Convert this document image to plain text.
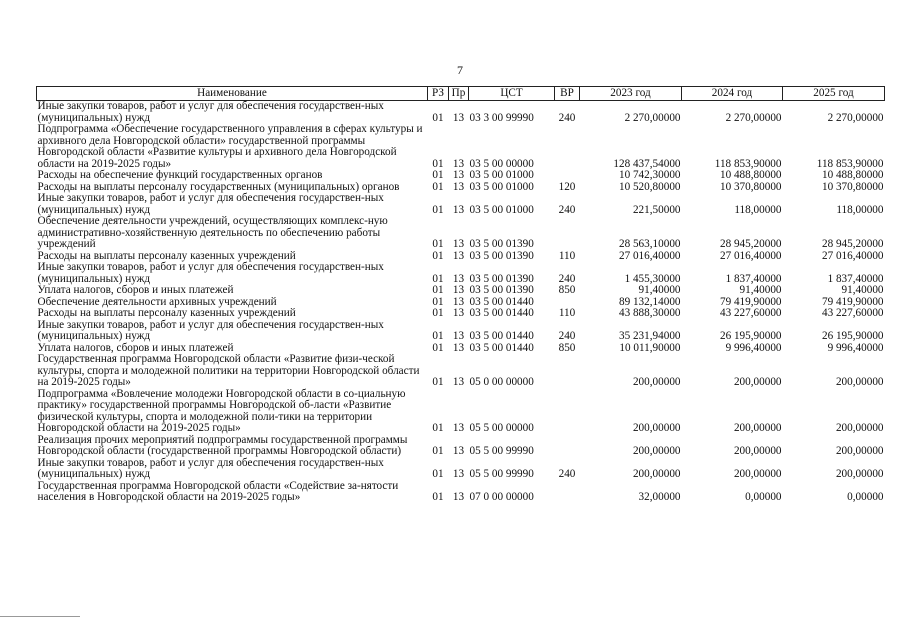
7
Наименование	РЗ	Пр	ЦСТ	ВР	2023 год	2024 год	2025 год
Иные закупки товаров, работ и услуг для обеспечения государствен-ных (муниципальных) нужд	01	13	03 3 00 99990	240	2 270,00000	2 270,00000	2 270,00000
Подпрограмма «Обеспечение государственного управления в сферах культуры и архивного дела Новгородской области» государственной программы Новгородской области «Развитие культуры и архивного дела Новгородской области на 2019-2025 годы»	01	13	03 5 00 00000		128 437,54000	118 853,90000	118 853,90000
Расходы на обеспечение функций государственных органов	01	13	03 5 00 01000		10 742,30000	10 488,80000	10 488,80000
Расходы на выплаты персоналу государственных (муниципальных) органов	01	13	03 5 00 01000	120	10 520,80000	10 370,80000	10 370,80000
Иные закупки товаров, работ и услуг для обеспечения государствен-ных (муниципальных) нужд	01	13	03 5 00 01000	240	221,50000	118,00000	118,00000
Обеспечение деятельности учреждений, осуществляющих комплекс-ную административно-хозяйственную деятельность по обеспечению работы учреждений	01	13	03 5 00 01390		28 563,10000	28 945,20000	28 945,20000
Расходы на выплаты персоналу казенных учреждений	01	13	03 5 00 01390	110	27 016,40000	27 016,40000	27 016,40000
Иные закупки товаров, работ и услуг для обеспечения государствен-ных (муниципальных) нужд	01	13	03 5 00 01390	240	1 455,30000	1 837,40000	1 837,40000
Уплата налогов, сборов и иных платежей	01	13	03 5 00 01390	850	91,40000	91,40000	91,40000
Обеспечение деятельности архивных учреждений	01	13	03 5 00 01440		89 132,14000	79 419,90000	79 419,90000
Расходы на выплаты персоналу казенных учреждений	01	13	03 5 00 01440	110	43 888,30000	43 227,60000	43 227,60000
Иные закупки товаров, работ и услуг для обеспечения государствен-ных (муниципальных) нужд	01	13	03 5 00 01440	240	35 231,94000	26 195,90000	26 195,90000
Уплата налогов, сборов и иных платежей	01	13	03 5 00 01440	850	10 011,90000	9 996,40000	9 996,40000
Государственная программа Новгородской области «Развитие физи-ческой культуры, спорта и молодежной политики на территории Новгородской области на 2019-2025 годы»	01	13	05 0 00 00000		200,00000	200,00000	200,00000
Подпрограмма «Вовлечение молодежи Новгородской области в со-циальную практику» государственной программы Новгородской об-ласти «Развитие физической культуры, спорта и молодежной поли-тики на территории Новгородской области на 2019-2025 годы»	01	13	05 5 00 00000		200,00000	200,00000	200,00000
Реализация прочих мероприятий подпрограммы государственной программы Новгородской области (государственной программы Новгородской области)	01	13	05 5 00 99990		200,00000	200,00000	200,00000
Иные закупки товаров, работ и услуг для обеспечения государствен-ных (муниципальных) нужд	01	13	05 5 00 99990	240	200,00000	200,00000	200,00000
Государственная программа Новгородской области «Содействие за-нятости населения в Новгородской области на 2019-2025 годы»	01	13	07 0 00 00000		32,00000	0,00000	0,00000
